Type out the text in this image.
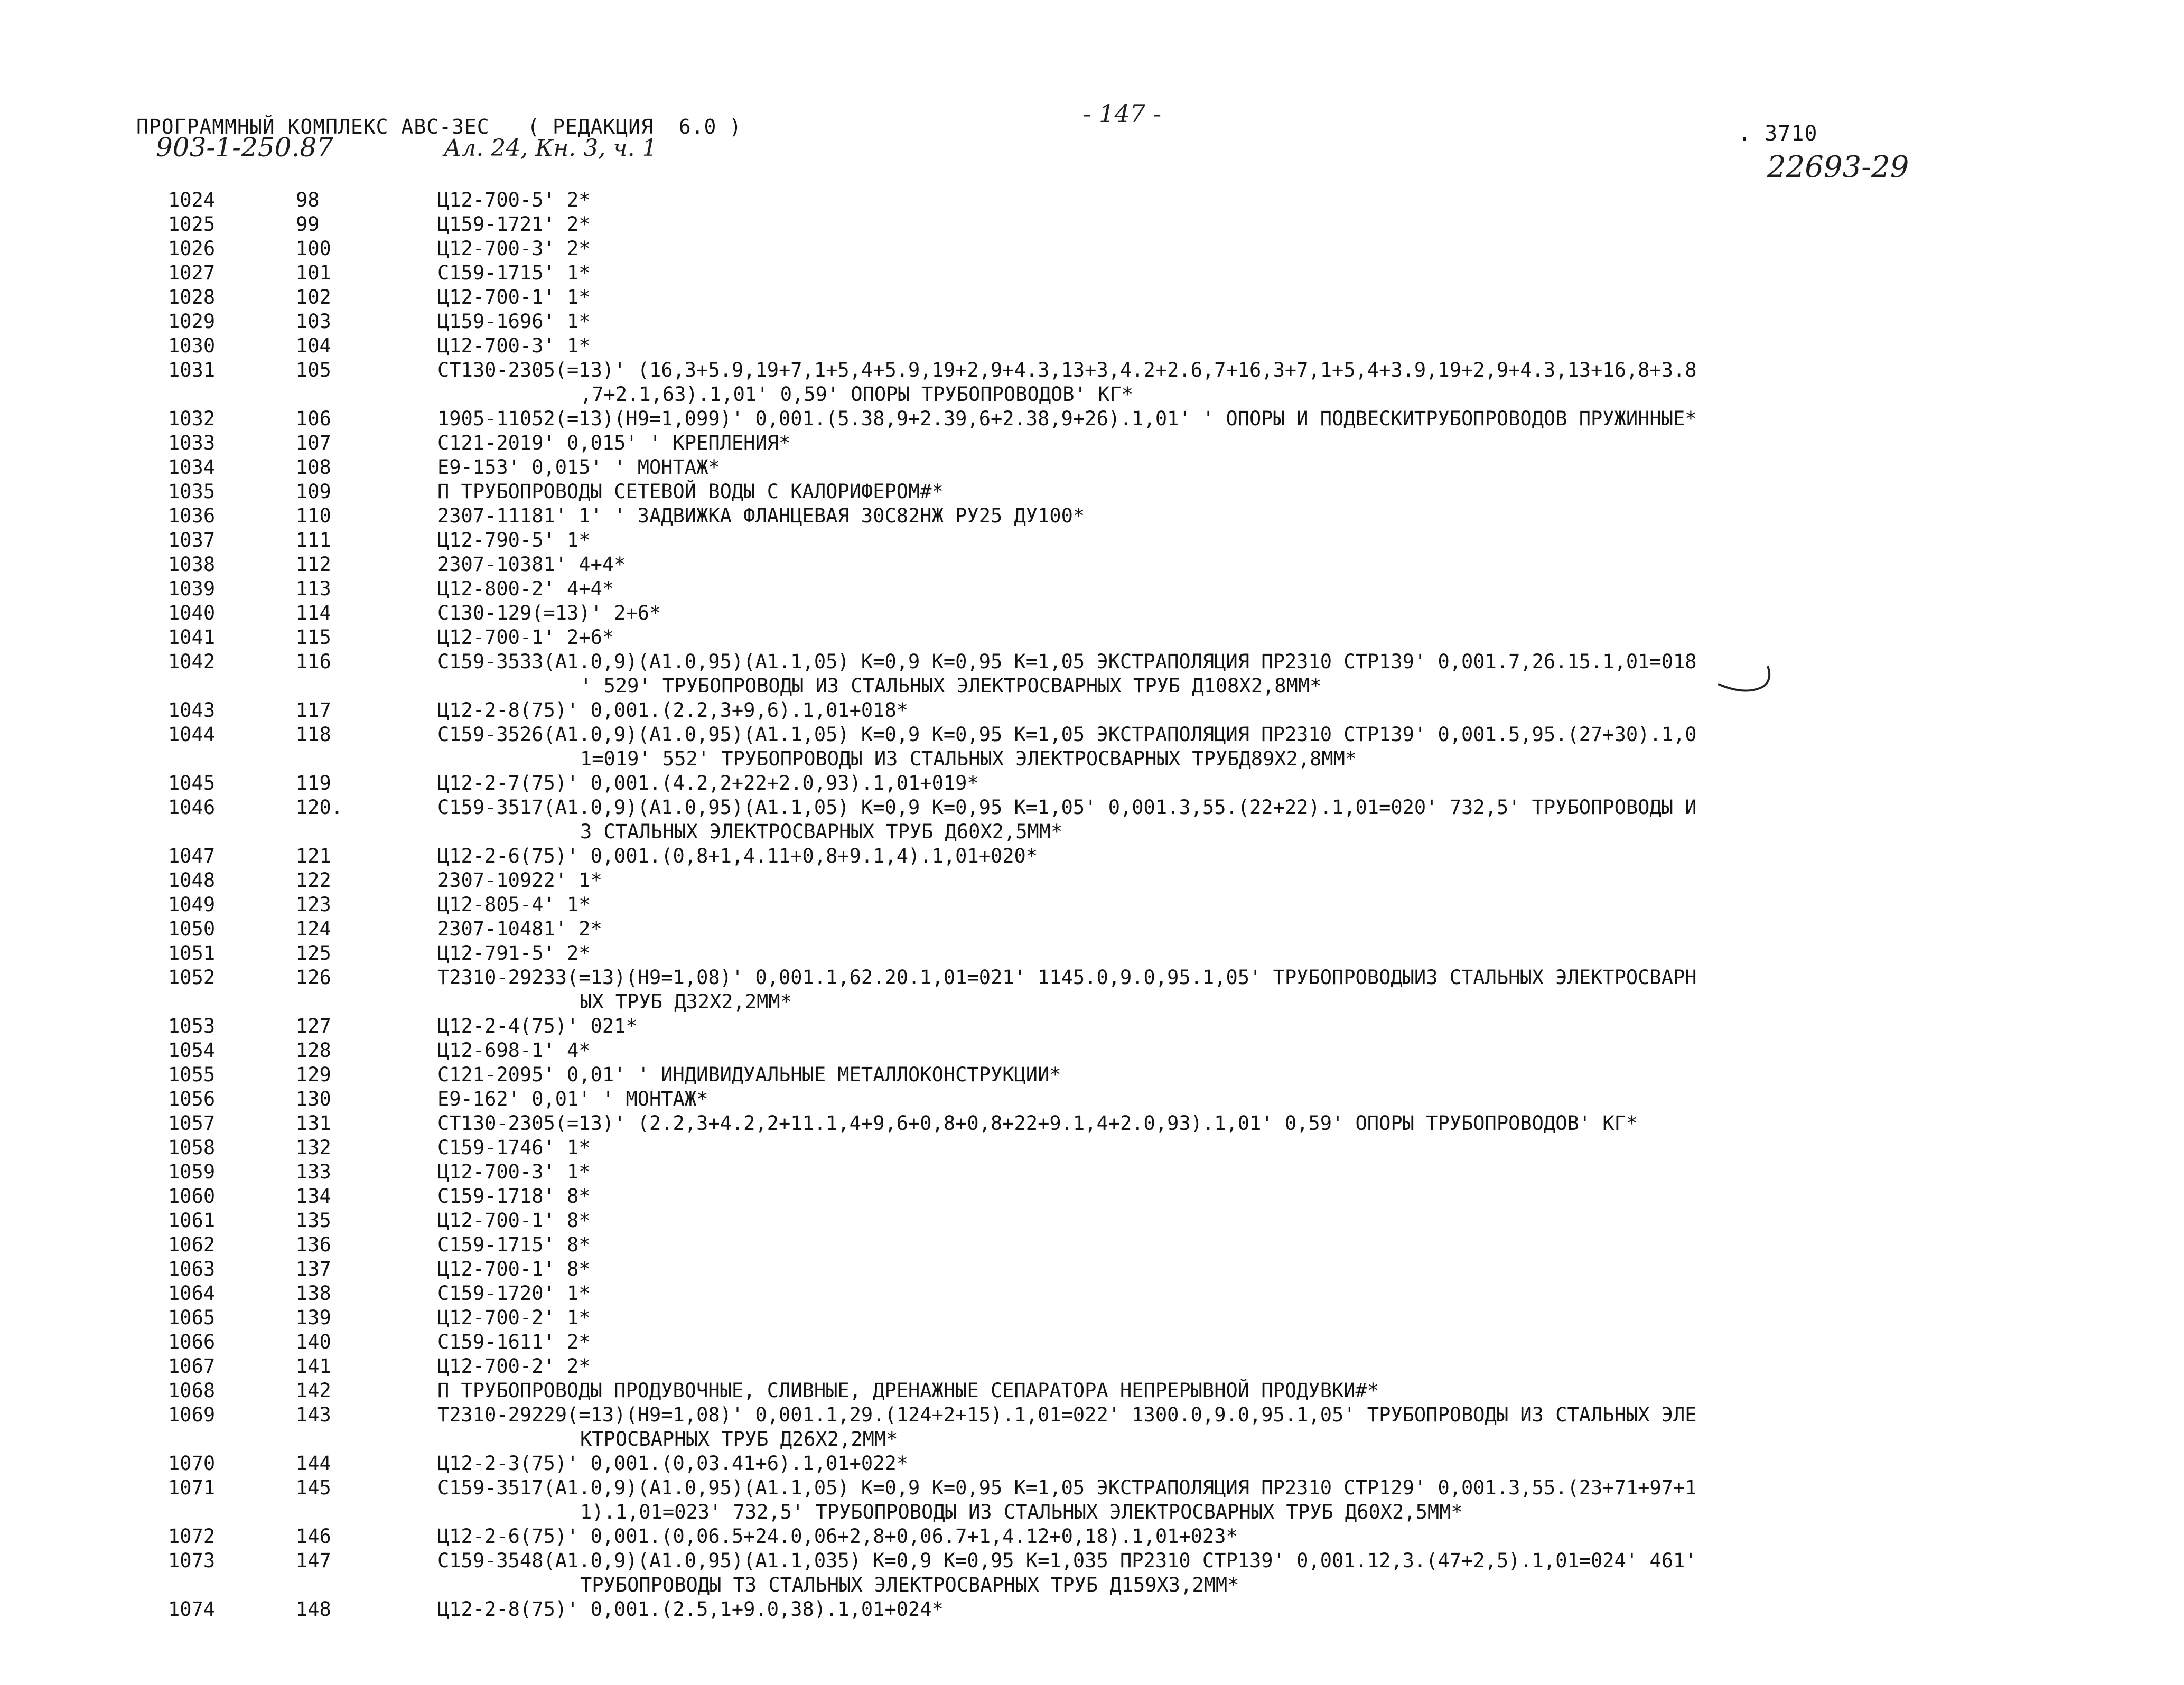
ПРОГРАММНЫЙ КОМПЛЕКС АВС-ЗЕС   ( РЕДАКЦИЯ  6.0 )	- 147 -
. 3710
903-1-250.87	Ал. 24, Кн. 3, ч. 1
22693-29
1024	98	Ц12-700-5' 2*
1025	99	Ц159-1721' 2*
1026	100	Ц12-700-3' 2*
1027	101	С159-1715' 1*
1028	102	Ц12-700-1' 1*
1029	103	Ц159-1696' 1*
1030	104	Ц12-700-3' 1*
1031	105	СТ130-2305(=13)' (16,3+5.9,19+7,1+5,4+5.9,19+2,9+4.3,13+3,4.2+2.6,7+16,3+7,1+5,4+3.9,19+2,9+4.3,13+16,8+3.8
,7+2.1,63).1,01' 0,59' ОПОРЫ ТРУБОПРОВОДОВ' КГ*
1032	106	1905-11052(=13)(Н9=1,099)' 0,001.(5.38,9+2.39,6+2.38,9+26).1,01' ' ОПОРЫ И ПОДВЕСКИТРУБОПРОВОДОВ ПРУЖИННЫЕ*
1033	107	С121-2019' 0,015' ' КРЕПЛЕНИЯ*
1034	108	Е9-153' 0,015' ' МОНТАЖ*
1035	109	П ТРУБОПРОВОДЫ СЕТЕВОЙ ВОДЫ С КАЛОРИФЕРОМ#*
1036	110	2307-11181' 1' ' ЗАДВИЖКА ФЛАНЦЕВАЯ 30С82НЖ РУ25 ДУ100*
1037	111	Ц12-790-5' 1*
1038	112	2307-10381' 4+4*
1039	113	Ц12-800-2' 4+4*
1040	114	С130-129(=13)' 2+6*
1041	115	Ц12-700-1' 2+6*
1042	116	С159-3533(А1.0,9)(А1.0,95)(А1.1,05) К=0,9 К=0,95 К=1,05 ЭКСТРАПОЛЯЦИЯ ПР2310 СТР139' 0,001.7,26.15.1,01=018
' 529' ТРУБОПРОВОДЫ ИЗ СТАЛЬНЫХ ЭЛЕКТРОСВАРНЫХ ТРУБ Д108Х2,8ММ*
1043	117	Ц12-2-8(75)' 0,001.(2.2,3+9,6).1,01+018*
1044	118	С159-3526(А1.0,9)(А1.0,95)(А1.1,05) К=0,9 К=0,95 К=1,05 ЭКСТРАПОЛЯЦИЯ ПР2310 СТР139' 0,001.5,95.(27+30).1,0
1=019' 552' ТРУБОПРОВОДЫ ИЗ СТАЛЬНЫХ ЭЛЕКТРОСВАРНЫХ ТРУБД89Х2,8ММ*
1045	119	Ц12-2-7(75)' 0,001.(4.2,2+22+2.0,93).1,01+019*
1046	120.	С159-3517(А1.0,9)(А1.0,95)(А1.1,05) К=0,9 К=0,95 К=1,05' 0,001.3,55.(22+22).1,01=020' 732,5' ТРУБОПРОВОДЫ И
3 СТАЛЬНЫХ ЭЛЕКТРОСВАРНЫХ ТРУБ Д60Х2,5ММ*
1047	121	Ц12-2-6(75)' 0,001.(0,8+1,4.11+0,8+9.1,4).1,01+020*
1048	122	2307-10922' 1*
1049	123	Ц12-805-4' 1*
1050	124	2307-10481' 2*
1051	125	Ц12-791-5' 2*
1052	126	Т2310-29233(=13)(Н9=1,08)' 0,001.1,62.20.1,01=021' 1145.0,9.0,95.1,05' ТРУБОПРОВОДЫИЗ СТАЛЬНЫХ ЭЛЕКТРОСВАРН
ЫХ ТРУБ Д32Х2,2ММ*
1053	127	Ц12-2-4(75)' 021*
1054	128	Ц12-698-1' 4*
1055	129	С121-2095' 0,01' ' ИНДИВИДУАЛЬНЫЕ МЕТАЛЛОКОНСТРУКЦИИ*
1056	130	Е9-162' 0,01' ' МОНТАЖ*
1057	131	СТ130-2305(=13)' (2.2,3+4.2,2+11.1,4+9,6+0,8+0,8+22+9.1,4+2.0,93).1,01' 0,59' ОПОРЫ ТРУБОПРОВОДОВ' КГ*
1058	132	С159-1746' 1*
1059	133	Ц12-700-3' 1*
1060	134	С159-1718' 8*
1061	135	Ц12-700-1' 8*
1062	136	С159-1715' 8*
1063	137	Ц12-700-1' 8*
1064	138	С159-1720' 1*
1065	139	Ц12-700-2' 1*
1066	140	С159-1611' 2*
1067	141	Ц12-700-2' 2*
1068	142	П ТРУБОПРОВОДЫ ПРОДУВОЧНЫЕ, СЛИВНЫЕ, ДРЕНАЖНЫЕ СЕПАРАТОРА НЕПРЕРЫВНОЙ ПРОДУВКИ#*
1069	143	Т2310-29229(=13)(Н9=1,08)' 0,001.1,29.(124+2+15).1,01=022' 1300.0,9.0,95.1,05' ТРУБОПРОВОДЫ ИЗ СТАЛЬНЫХ ЭЛЕ
КТРОСВАРНЫХ ТРУБ Д26Х2,2ММ*
1070	144	Ц12-2-3(75)' 0,001.(0,03.41+6).1,01+022*
1071	145	С159-3517(А1.0,9)(А1.0,95)(А1.1,05) К=0,9 К=0,95 К=1,05 ЭКСТРАПОЛЯЦИЯ ПР2310 СТР129' 0,001.3,55.(23+71+97+1
1).1,01=023' 732,5' ТРУБОПРОВОДЫ ИЗ СТАЛЬНЫХ ЭЛЕКТРОСВАРНЫХ ТРУБ Д60Х2,5ММ*
1072	146	Ц12-2-6(75)' 0,001.(0,06.5+24.0,06+2,8+0,06.7+1,4.12+0,18).1,01+023*
1073	147	С159-3548(А1.0,9)(А1.0,95)(А1.1,035) К=0,9 К=0,95 К=1,035 ПР2310 СТР139' 0,001.12,3.(47+2,5).1,01=024' 461'
ТРУБОПРОВОДЫ ТЗ СТАЛЬНЫХ ЭЛЕКТРОСВАРНЫХ ТРУБ Д159Х3,2ММ*
1074	148	Ц12-2-8(75)' 0,001.(2.5,1+9.0,38).1,01+024*
